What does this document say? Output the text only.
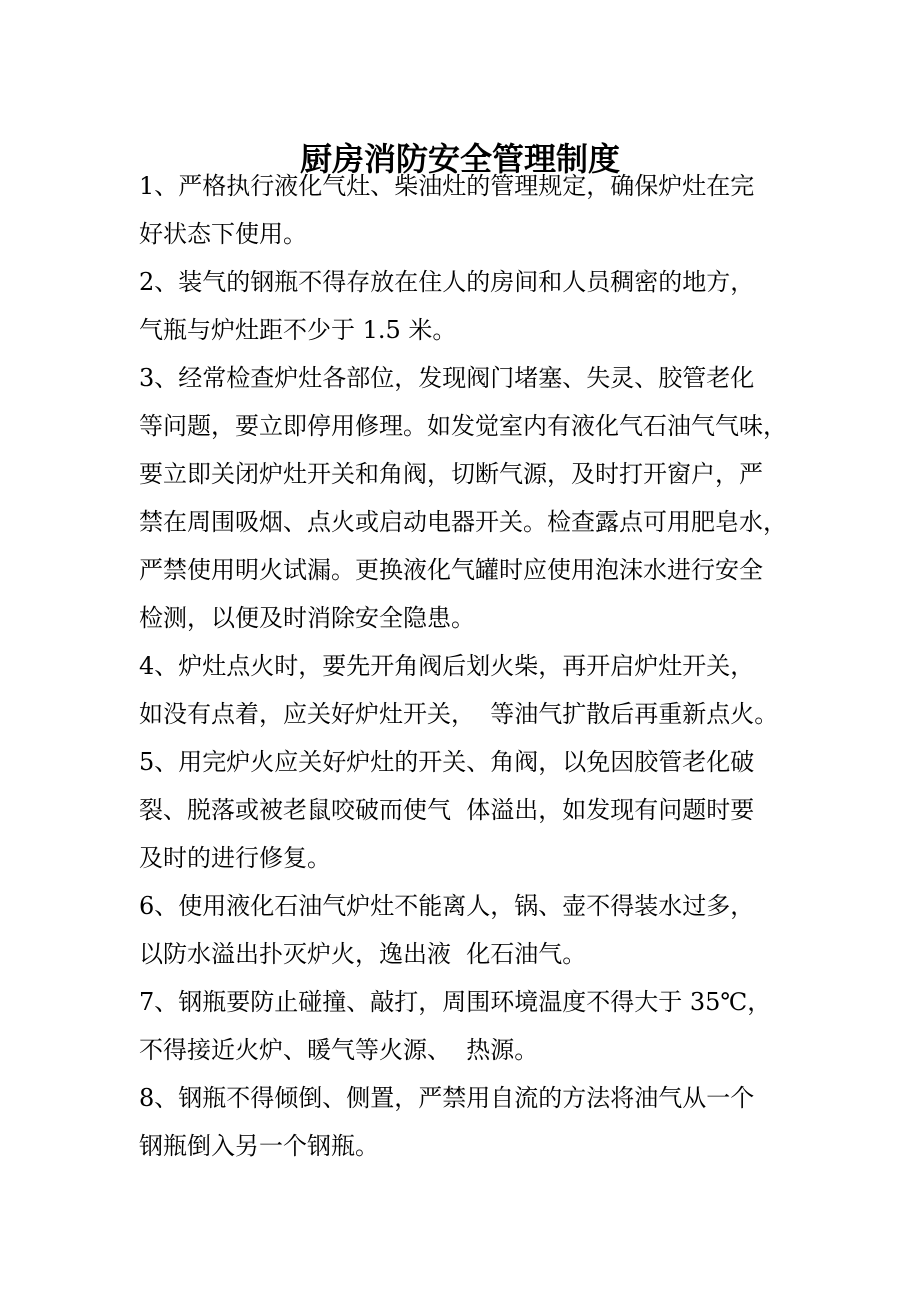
厨房消防安全管理制度

1、严格执行液化气灶、柴油灶的管理规定，确保炉灶在完
好状态下使用。

2、装气的钢瓶不得存放在住人的房间和人员稠密的地方，
气瓶与炉灶距不少于 1.5 米。

3、经常检查炉灶各部位，发现阀门堵塞、失灵、胶管老化
等问题，要立即停用修理。如发觉室内有液化气石油气气味，
要立即关闭炉灶开关和角阀，切断气源，及时打开窗户，严
禁在周围吸烟、点火或启动电器开关。检查露点可用肥皂水，
严禁使用明火试漏。更换液化气罐时应使用泡沫水进行安全
检测，以便及时消除安全隐患。

4、炉灶点火时，要先开角阀后划火柴，再开启炉灶开关，
如没有点着，应关好炉灶开关，  等油气扩散后再重新点火。

5、用完炉火应关好炉灶的开关、角阀，以免因胶管老化破
裂、脱落或被老鼠咬破而使气  体溢出，如发现有问题时要
及时的进行修复。

6、使用液化石油气炉灶不能离人，锅、壶不得装水过多，
以防水溢出扑灭炉火，逸出液  化石油气。

7、钢瓶要防止碰撞、敲打，周围环境温度不得大于 35℃，
不得接近火炉、暖气等火源、  热源。

8、钢瓶不得倾倒、侧置，严禁用自流的方法将油气从一个
钢瓶倒入另一个钢瓶。
